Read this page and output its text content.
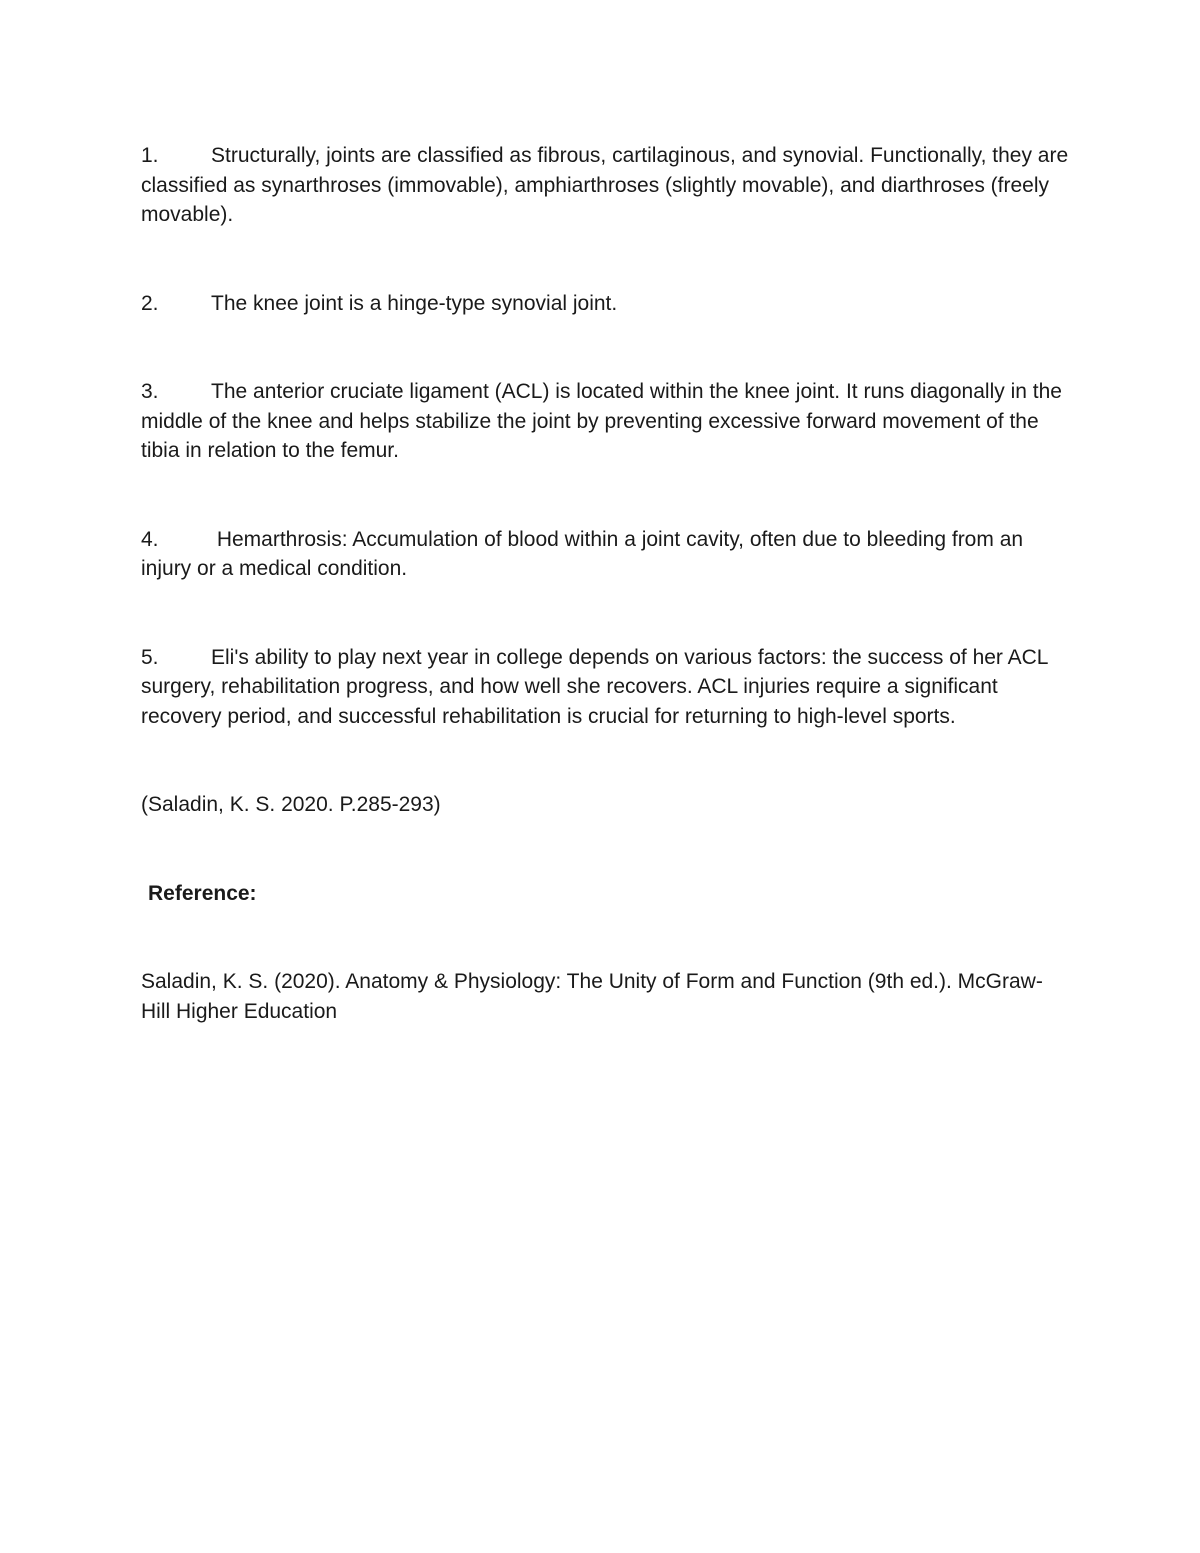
1. Structurally, joints are classified as fibrous, cartilaginous, and synovial. Functionally, they are classified as synarthroses (immovable), amphiarthroses (slightly movable), and diarthroses (freely movable).

2. The knee joint is a hinge-type synovial joint.

3. The anterior cruciate ligament (ACL) is located within the knee joint. It runs diagonally in the middle of the knee and helps stabilize the joint by preventing excessive forward movement of the tibia in relation to the femur.

4. Hemarthrosis: Accumulation of blood within a joint cavity, often due to bleeding from an injury or a medical condition.

5. Eli's ability to play next year in college depends on various factors: the success of her ACL surgery, rehabilitation progress, and how well she recovers. ACL injuries require a significant recovery period, and successful rehabilitation is crucial for returning to high-level sports.

(Saladin, K. S. 2020. P.285-293)

Reference:

Saladin, K. S. (2020). Anatomy & Physiology: The Unity of Form and Function (9th ed.). McGraw-Hill Higher Education
